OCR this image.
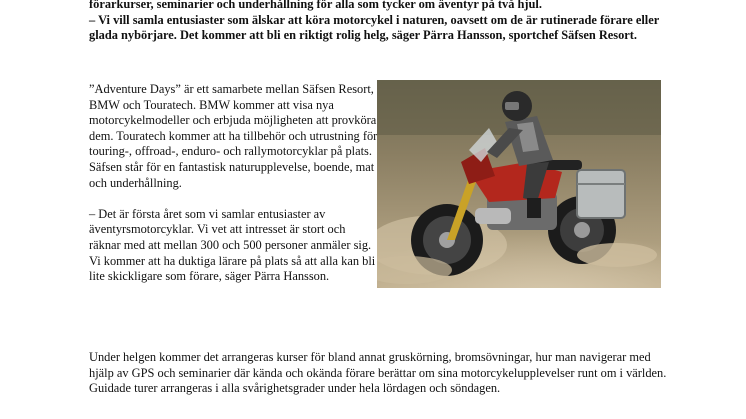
förarkurser, seminarier och underhållning för alla som tycker om äventyr på två hjul.

– Vi vill samla entusiaster som älskar att köra motorcykel i naturen, oavsett om de är rutinerade förare eller glada nybörjare. Det kommer att bli en riktigt rolig helg, säger Pärra Hansson, sportchef Säfsen Resort.

”Adventure Days” är ett samarbete mellan Säfsen Resort, BMW och Touratech. BMW kommer att visa nya motorcykelmodeller och erbjuda möjligheten att provköra dem. Touratech kommer att ha tillbehör och utrustning för touring-, offroad-, enduro- och rallymotorcyklar på plats. Säfsen står för en fantastisk naturupplevelse, boende, mat och underhållning.

– Det är första året som vi samlar entusiaster av äventyrsmotorcyklar. Vi vet att intresset är stort och räknar med att mellan 300 och 500 personer anmäler sig. Vi kommer att ha duktiga lärare på plats så att alla kan bli lite skickligare som förare, säger Pärra Hansson.

Under helgen kommer det arrangeras kurser för bland annat gruskörning, bromsövningar, hur man navigerar med hjälp av GPS och seminarier där kända och okända förare berättar om sina motorcykelupplevelser runt om i världen. Guidade turer arrangeras i alla svårighetsgrader under hela lördagen och söndagen.
